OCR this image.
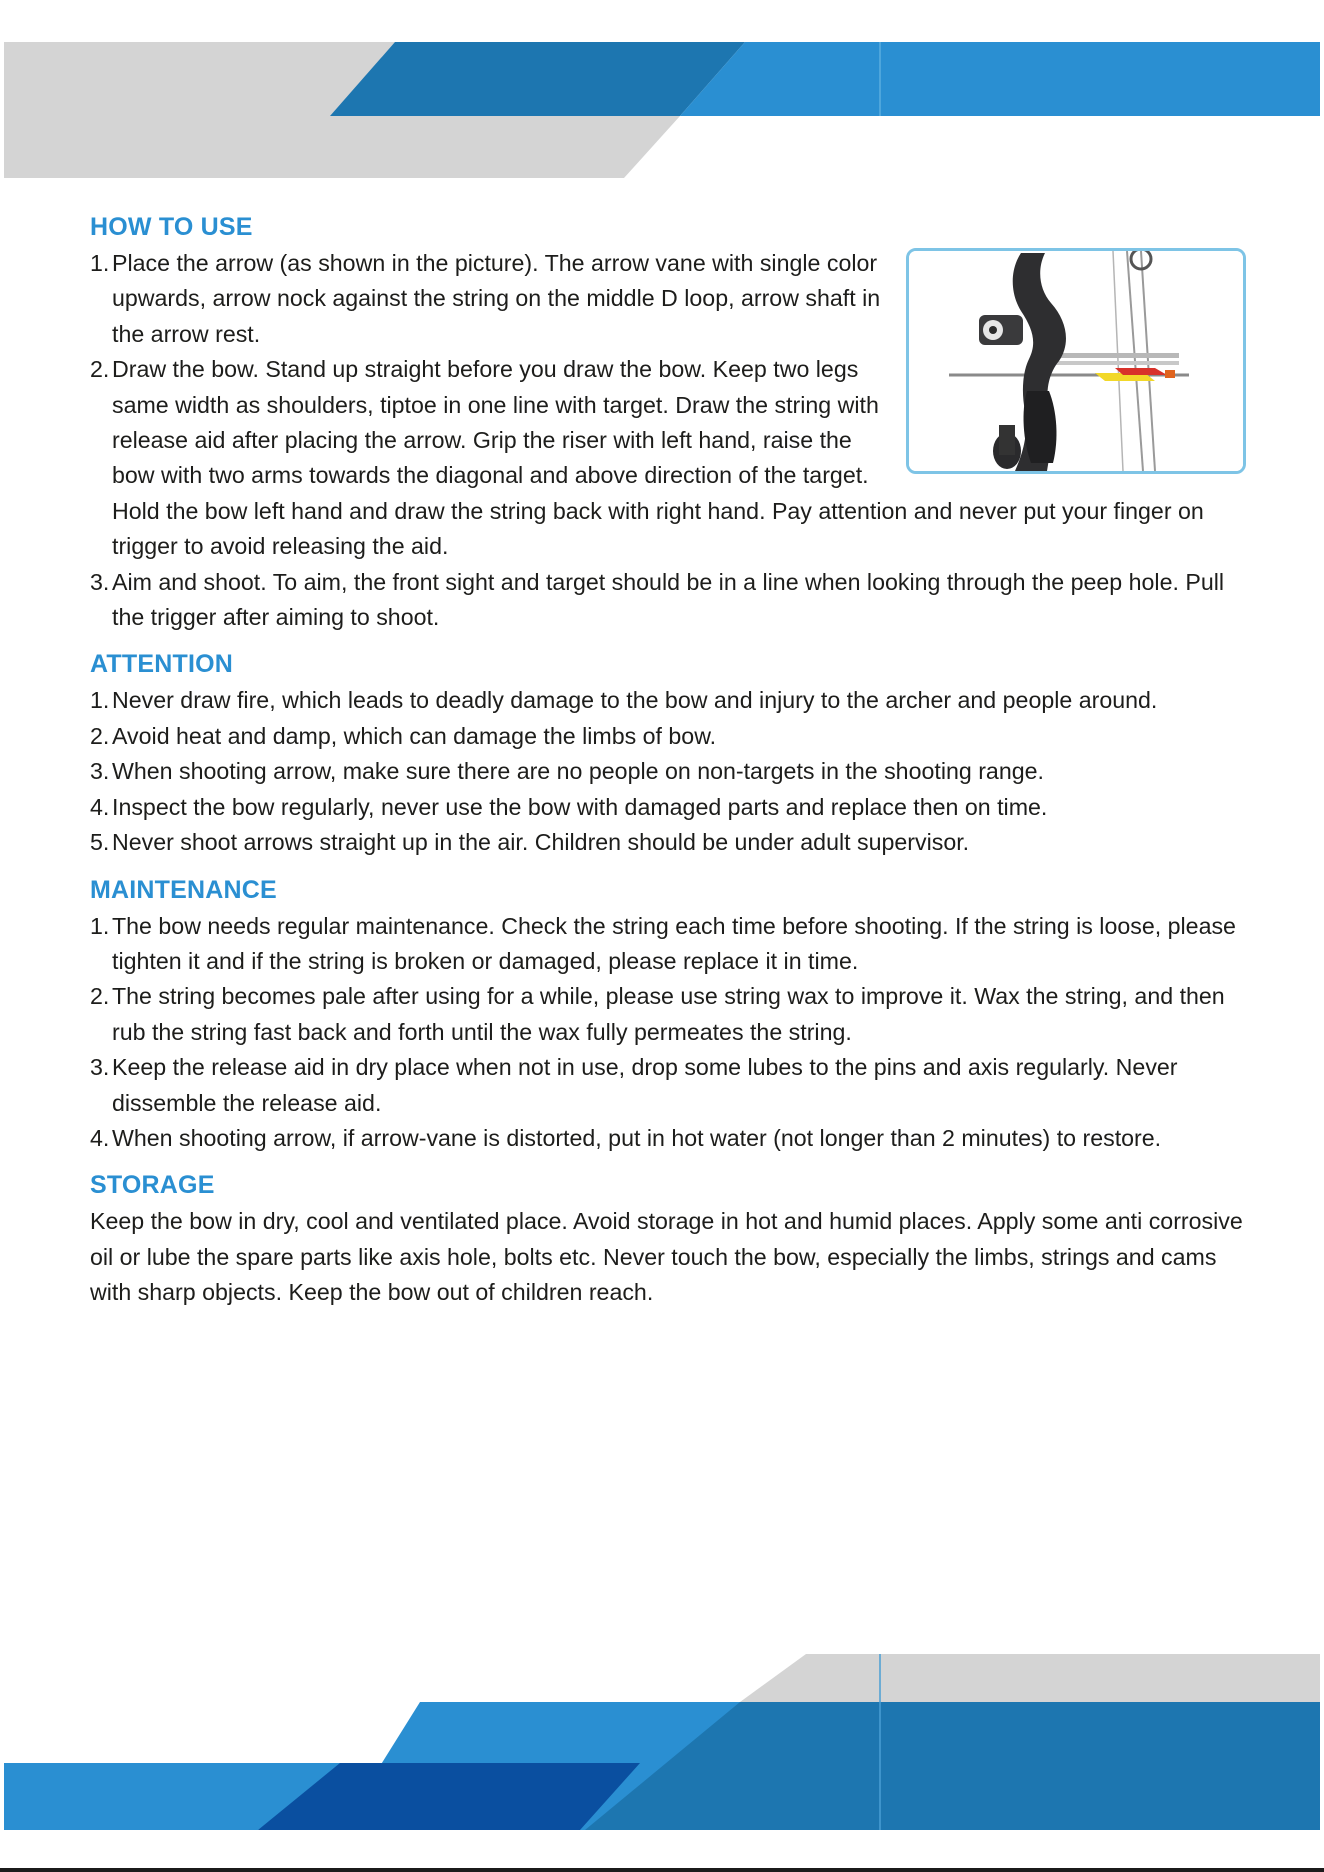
HOW TO USE
1. Place the arrow (as shown in the picture). The arrow vane with single color upwards, arrow nock against the string on the middle D loop, arrow shaft in the arrow rest.
2. Draw the bow. Stand up straight before you draw the bow. Keep two legs same width as shoulders, tiptoe in one line with target. Draw the string with release aid after placing the arrow. Grip the riser with left hand, raise the bow with two arms towards the diagonal and above direction of the target. Hold the bow left hand and draw the string back with right hand. Pay attention and never put your finger on trigger to avoid releasing the aid.
3. Aim and shoot. To aim, the front sight and target should be in a line when looking through the peep hole. Pull the trigger after aiming to shoot.
ATTENTION
1. Never draw fire, which leads to deadly damage to the bow and injury to the archer and people around.
2. Avoid heat and damp, which can damage the limbs of bow.
3. When shooting arrow, make sure there are no people on non-targets in the shooting range.
4. Inspect the bow regularly, never use the bow with damaged parts and replace then on time.
5. Never shoot arrows straight up in the air. Children should be under adult supervisor.
MAINTENANCE
1. The bow needs regular maintenance. Check the string each time before shooting. If the string is loose, please tighten it and if the string is broken or damaged, please replace it in time.
2. The string becomes pale after using for a while, please use string wax to improve it. Wax the string, and then rub the string fast back and forth until the wax fully permeates the string.
3. Keep the release aid in dry place when not in use, drop some lubes to the pins and axis regularly. Never dissemble the release aid.
4. When shooting arrow, if arrow-vane is distorted, put in hot water (not longer than 2 minutes) to restore.
STORAGE

Keep the bow in dry, cool and ventilated place. Avoid storage in hot and humid places. Apply some anti corrosive oil or lube the spare parts like axis hole, bolts etc. Never touch the bow, especially the limbs, strings and cams with sharp objects. Keep the bow out of children reach.
